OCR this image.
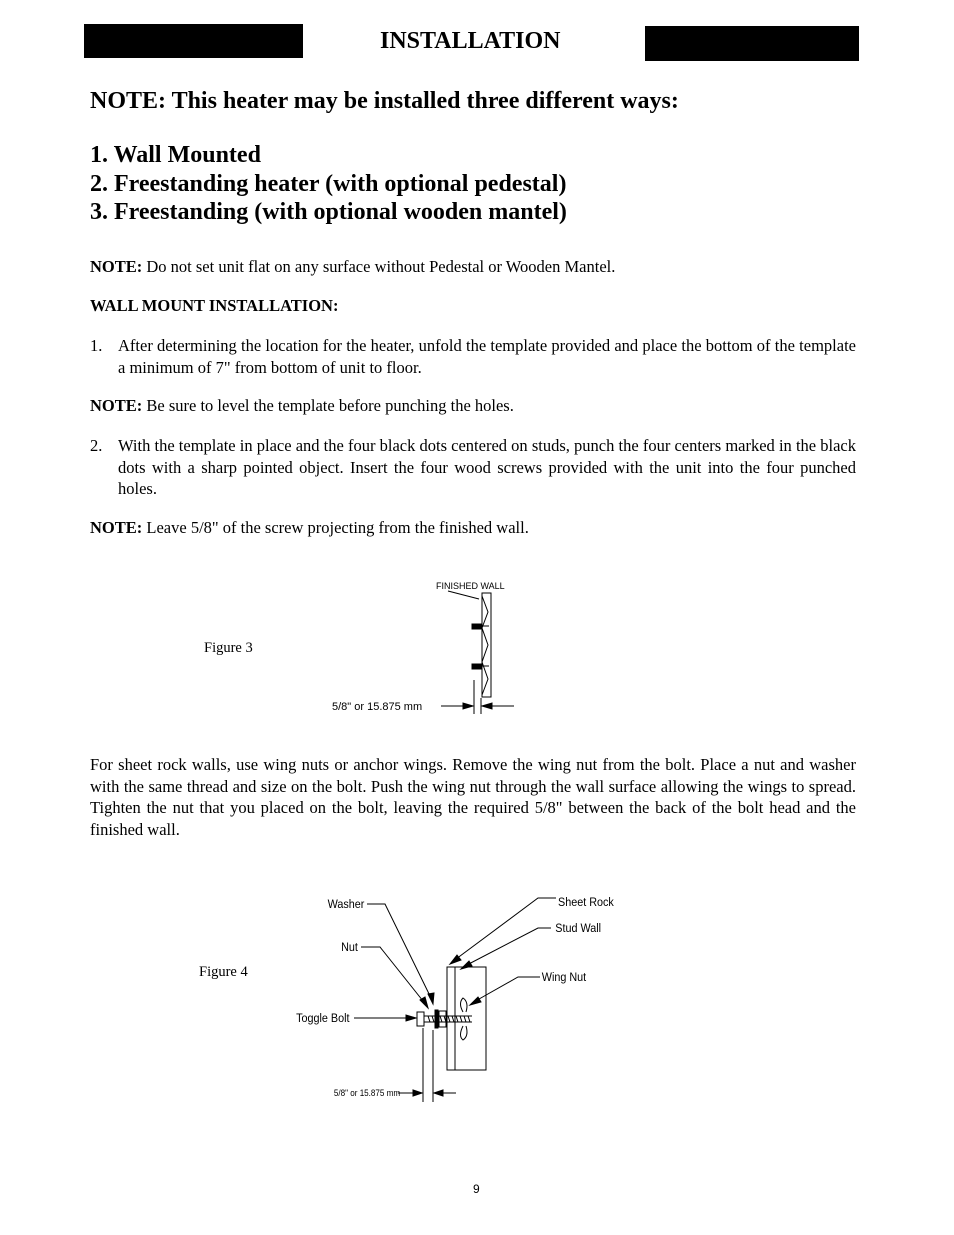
INSTALLATION
NOTE: This heater may be installed three different ways:
1. Wall Mounted
2. Freestanding heater (with optional pedestal)
3. Freestanding (with optional wooden mantel)
NOTE: Do not set unit flat on any surface without Pedestal or Wooden Mantel.
WALL MOUNT INSTALLATION:
1. After determining the location for the heater, unfold the template provided and place the bottom of the template a minimum of 7" from bottom of unit to floor.
NOTE: Be sure to level the template before punching the holes.
2. With the template in place and the four black dots centered on studs, punch the four centers marked in the black dots with a sharp pointed object. Insert the four wood screws provided with the unit into the four punched holes.
NOTE: Leave 5/8" of the screw projecting from the finished wall.
Figure 3
For sheet rock walls, use wing nuts or anchor wings. Remove the wing nut from the bolt. Place a nut and washer with the same thread and size on the bolt. Push the wing nut through the wall surface allowing the wings to spread. Tighten the nut that you placed on the bolt, leaving the required 5/8" between the back of the bolt head and the finished wall.
Figure 4
FINISHED WALL
5/8" or 15.875 mm
Washer
Nut
Toggle Bolt
Sheet Rock
Stud Wall
Wing Nut
5/8" or 15.875 mm
9
